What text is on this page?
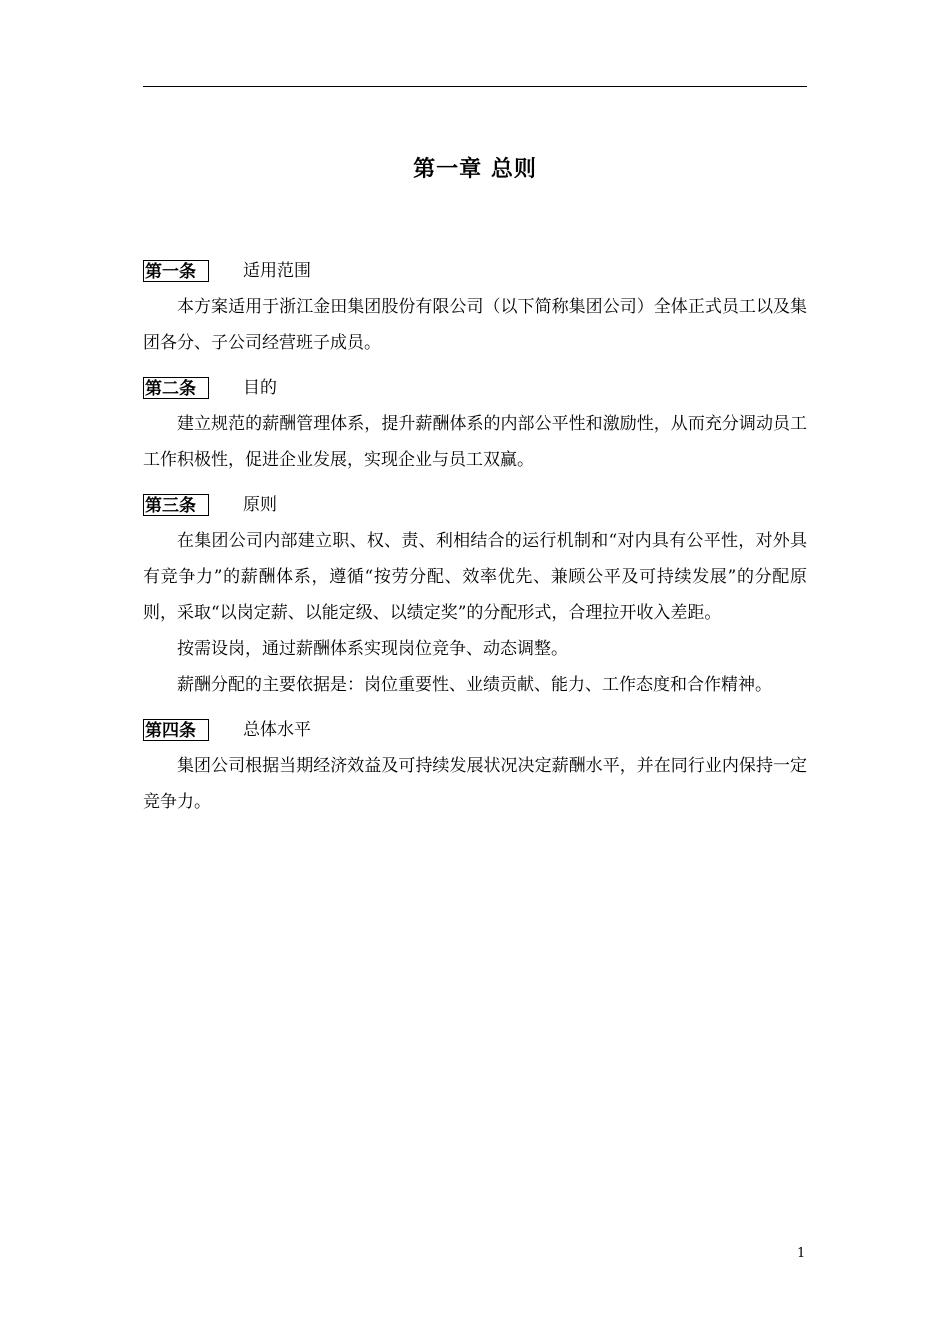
第一章 总则
第一条	适用范围

本方案适用于浙江金田集团股份有限公司（以下简称集团公司）全体正式员工以及集团各分、子公司经营班子成员。

第二条	目的

建立规范的薪酬管理体系，提升薪酬体系的内部公平性和激励性，从而充分调动员工工作积极性，促进企业发展，实现企业与员工双赢。

第三条	原则

在集团公司内部建立职、权、责、利相结合的运行机制和“对内具有公平性，对外具有竞争力”的薪酬体系，遵循“按劳分配、效率优先、兼顾公平及可持续发展”的分配原则，采取“以岗定薪、以能定级、以绩定奖”的分配形式，合理拉开收入差距。

按需设岗，通过薪酬体系实现岗位竞争、动态调整。

薪酬分配的主要依据是：岗位重要性、业绩贡献、能力、工作态度和合作精神。

第四条	总体水平

集团公司根据当期经济效益及可持续发展状况决定薪酬水平，并在同行业内保持一定竞争力。

1
